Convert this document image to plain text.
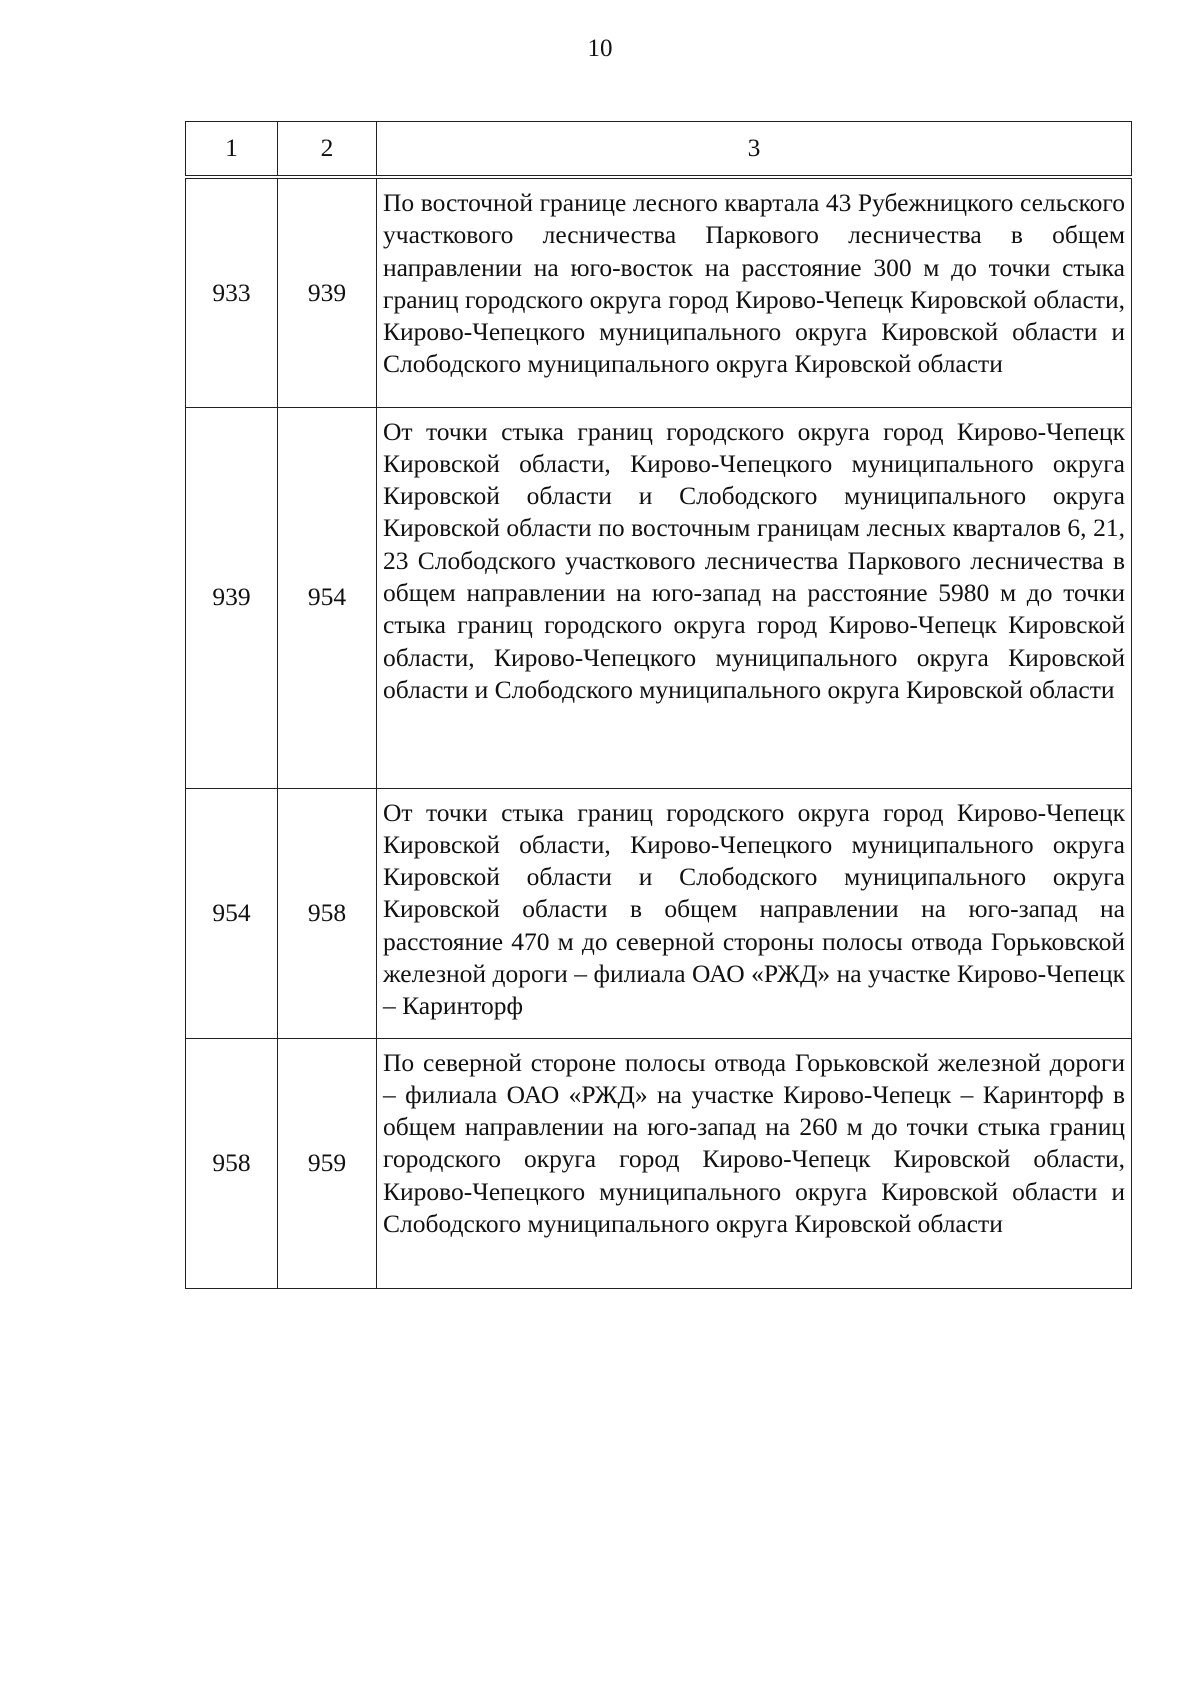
10
1	2	3
933	939	По восточной границе лесного квартала 43 Рубежницкого сельского участкового лесничества Паркового лесничества в общем направлении на юго-восток на расстояние 300 м до точки стыка границ городского округа город Кирово-Чепецк Кировской области, Кирово-Чепецкого муниципального округа Кировской области и Слободского муниципального округа Кировской области
939	954	От точки стыка границ городского округа город Кирово-Чепецк Кировской области, Кирово-Чепецкого муниципального округа Кировской области и Слободского муниципального округа Кировской области по восточным границам лесных кварталов 6, 21, 23 Слободского участкового лесничества Паркового лесничества в общем направлении на юго-запад на расстояние 5980 м до точки стыка границ городского округа город Кирово-Чепецк Кировской области, Кирово-Чепецкого муниципального округа Кировской области и Слободского муниципального округа Кировской области
954	958	От точки стыка границ городского округа город Кирово-Чепецк Кировской области, Кирово-Чепецкого муниципального округа Кировской области и Слободского муниципального округа Кировской области в общем направлении на юго-запад на расстояние 470 м до северной стороны полосы отвода Горьковской железной дороги – филиала ОАО «РЖД» на участке Кирово-Чепецк – Каринторф
958	959	По северной стороне полосы отвода Горьковской железной дороги – филиала ОАО «РЖД» на участке Кирово-Чепецк – Каринторф в общем направлении на юго-запад на 260 м до точки стыка границ городского округа город Кирово-Чепецк Кировской области, Кирово-Чепецкого муниципального округа Кировской области и Слободского муниципального округа Кировской области
